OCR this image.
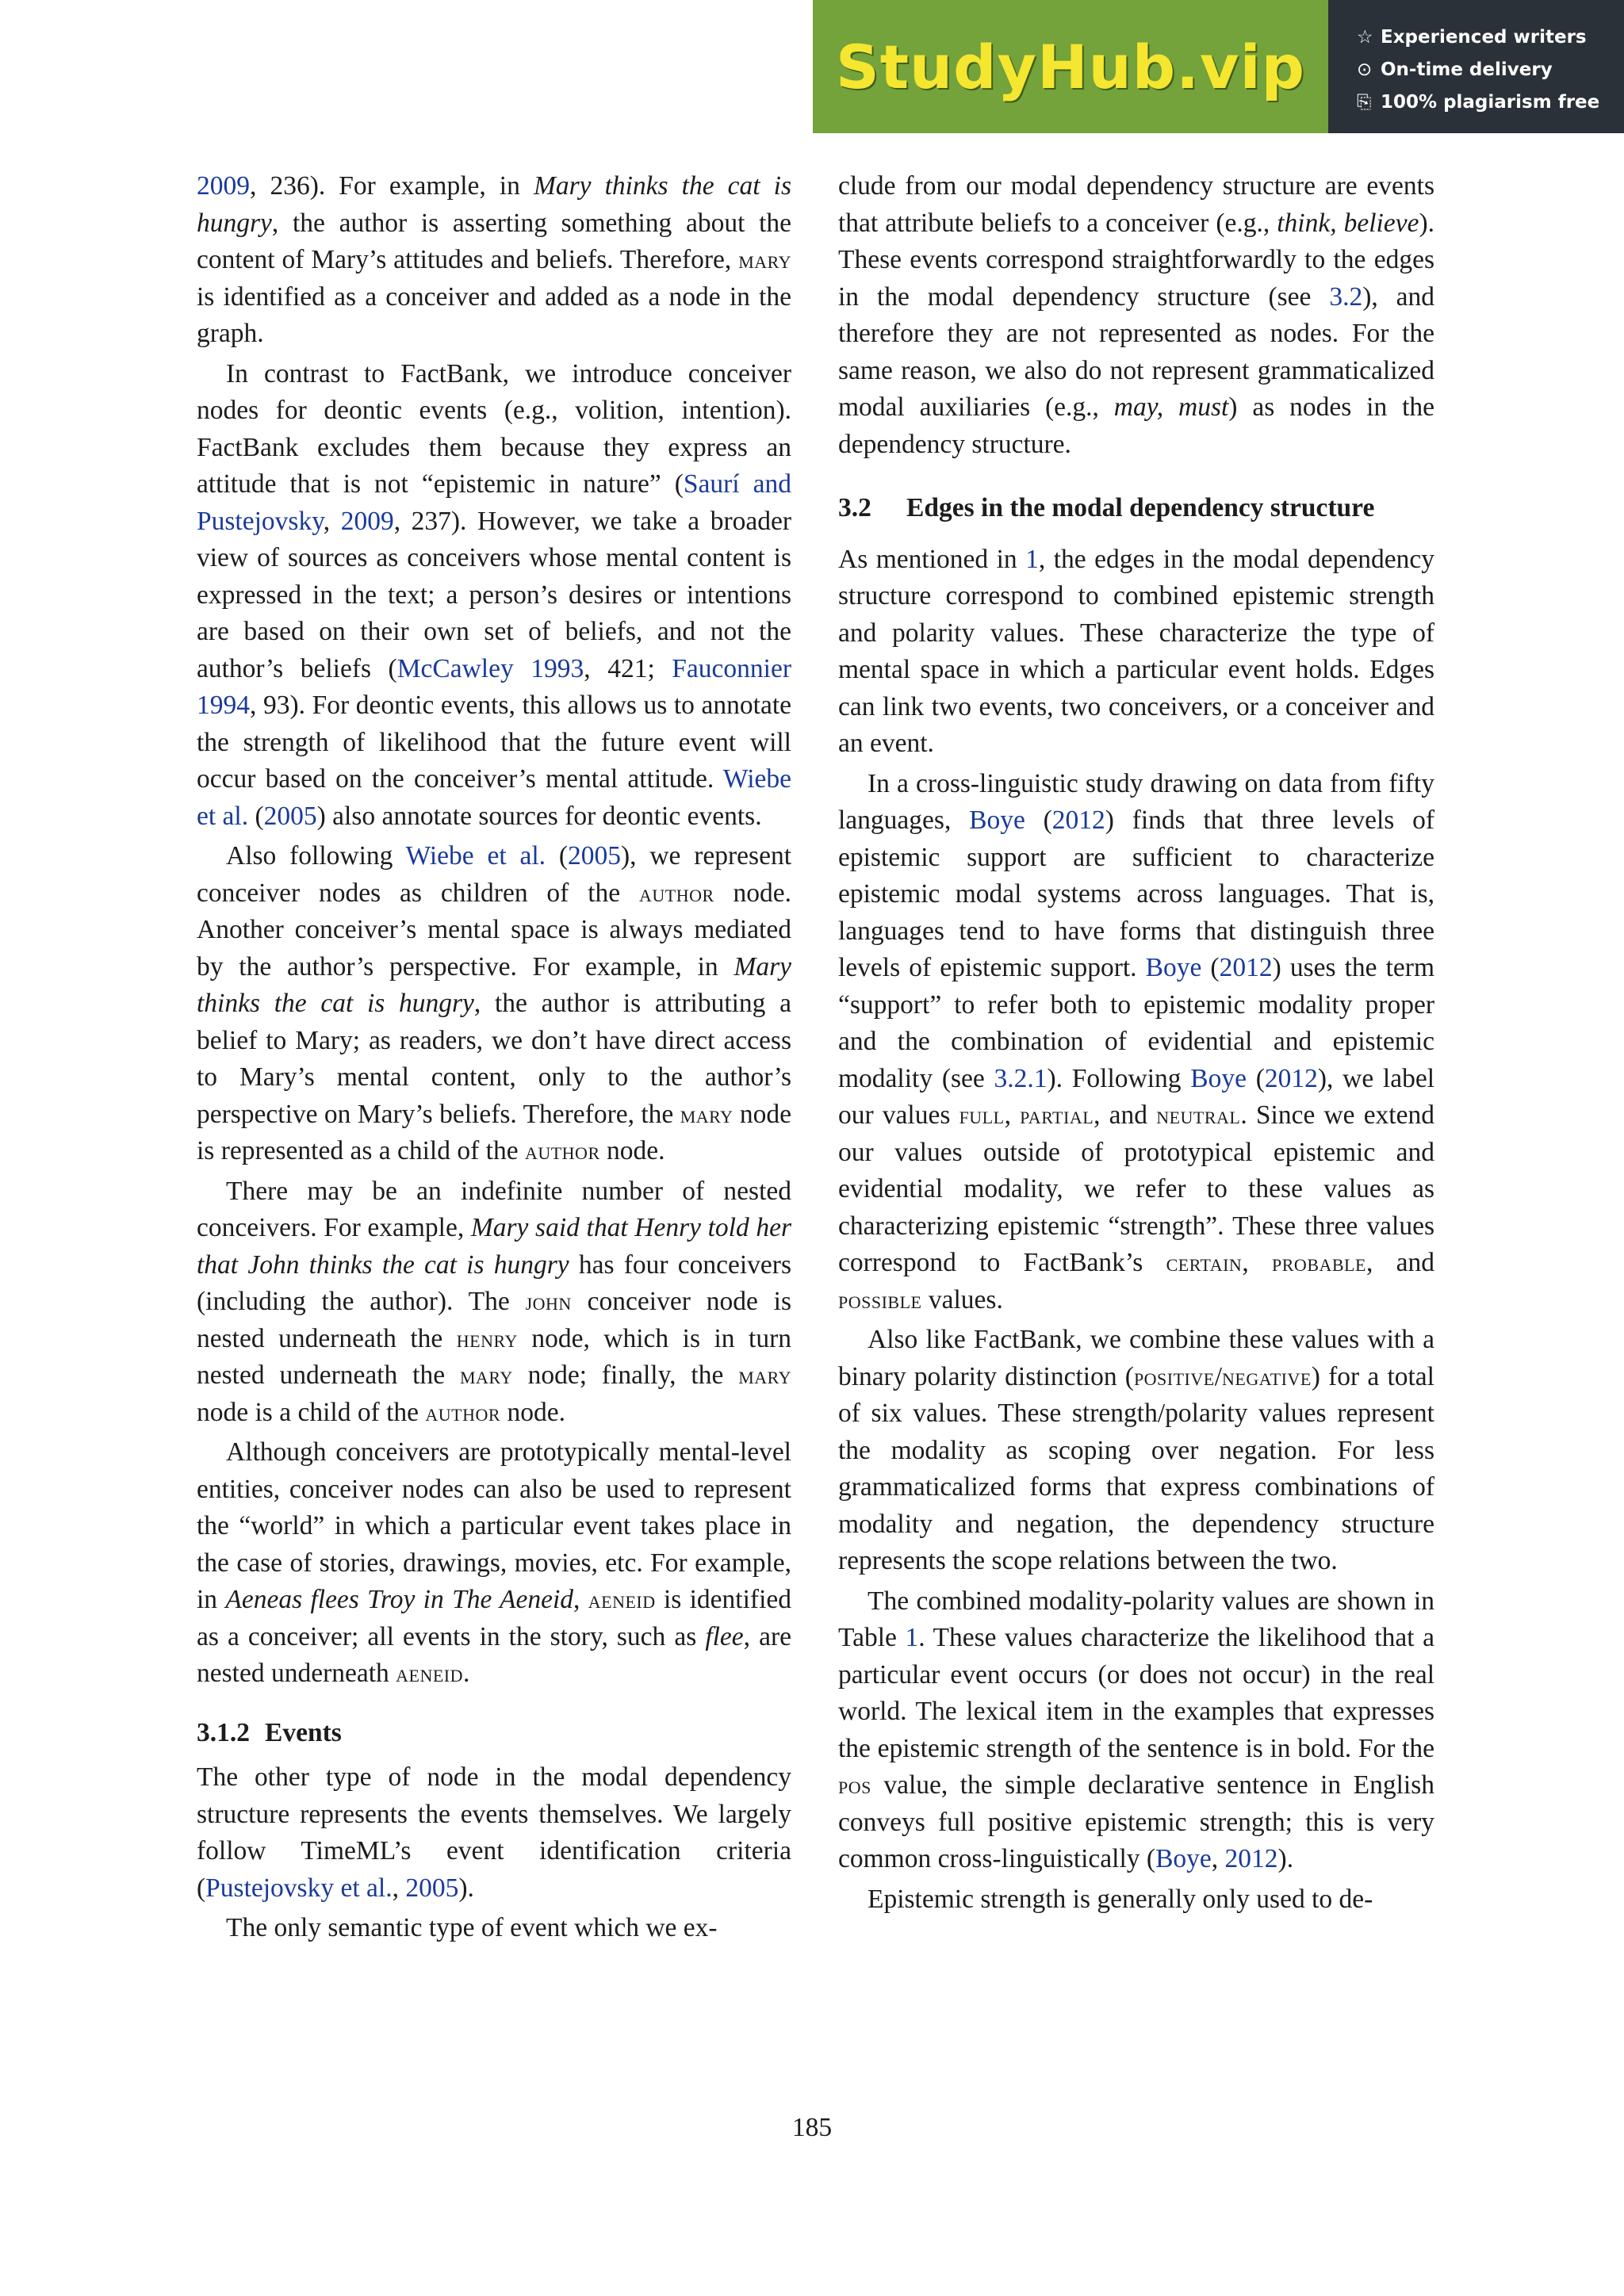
StudyHub.vip	☆ Experienced writers
⊙ On-time delivery
⎘ 100% plagiarism free

2009, 236). For example, in Mary thinks the cat is hungry, the author is asserting something about the content of Mary’s attitudes and beliefs. Therefore, mary is identified as a conceiver and added as a node in the graph.

In contrast to FactBank, we introduce conceiver nodes for deontic events (e.g., volition, intention). FactBank excludes them because they express an attitude that is not “epistemic in nature” (Saurí and Pustejovsky, 2009, 237). However, we take a broader view of sources as conceivers whose mental content is expressed in the text; a person’s desires or intentions are based on their own set of beliefs, and not the author’s beliefs (McCawley 1993, 421; Fauconnier 1994, 93). For deontic events, this allows us to annotate the strength of likelihood that the future event will occur based on the conceiver’s mental attitude. Wiebe et al. (2005) also annotate sources for deontic events.

Also following Wiebe et al. (2005), we represent conceiver nodes as children of the author node. Another conceiver’s mental space is always mediated by the author’s perspective. For example, in Mary thinks the cat is hungry, the author is attributing a belief to Mary; as readers, we don’t have direct access to Mary’s mental content, only to the author’s perspective on Mary’s beliefs. Therefore, the mary node is represented as a child of the author node.

There may be an indefinite number of nested conceivers. For example, Mary said that Henry told her that John thinks the cat is hungry has four conceivers (including the author). The john conceiver node is nested underneath the henry node, which is in turn nested underneath the mary node; finally, the mary node is a child of the author node.

Although conceivers are prototypically mental-level entities, conceiver nodes can also be used to represent the “world” in which a particular event takes place in the case of stories, drawings, movies, etc. For example, in Aeneas flees Troy in The Aeneid, aeneid is identified as a conceiver; all events in the story, such as flee, are nested underneath aeneid.

3.1.2 Events

The other type of node in the modal dependency structure represents the events themselves. We largely follow TimeML’s event identification criteria (Pustejovsky et al., 2005).

The only semantic type of event which we ex-

clude from our modal dependency structure are events that attribute beliefs to a conceiver (e.g., think, believe). These events correspond straightforwardly to the edges in the modal dependency structure (see 3.2), and therefore they are not represented as nodes. For the same reason, we also do not represent grammaticalized modal auxiliaries (e.g., may, must) as nodes in the dependency structure.

3.2	Edges in the modal dependency structure

As mentioned in 1, the edges in the modal dependency structure correspond to combined epistemic strength and polarity values. These characterize the type of mental space in which a particular event holds. Edges can link two events, two conceivers, or a conceiver and an event.

In a cross-linguistic study drawing on data from fifty languages, Boye (2012) finds that three levels of epistemic support are sufficient to characterize epistemic modal systems across languages. That is, languages tend to have forms that distinguish three levels of epistemic support. Boye (2012) uses the term “support” to refer both to epistemic modality proper and the combination of evidential and epistemic modality (see 3.2.1). Following Boye (2012), we label our values full, partial, and neutral. Since we extend our values outside of prototypical epistemic and evidential modality, we refer to these values as characterizing epistemic “strength”. These three values correspond to FactBank’s certain, probable, and possible values.

Also like FactBank, we combine these values with a binary polarity distinction (positive/negative) for a total of six values. These strength/polarity values represent the modality as scoping over negation. For less grammaticalized forms that express combinations of modality and negation, the dependency structure represents the scope relations between the two.

The combined modality-polarity values are shown in Table 1. These values characterize the likelihood that a particular event occurs (or does not occur) in the real world. The lexical item in the examples that expresses the epistemic strength of the sentence is in bold. For the pos value, the simple declarative sentence in English conveys full positive epistemic strength; this is very common cross-linguistically (Boye, 2012).

Epistemic strength is generally only used to de-

185
